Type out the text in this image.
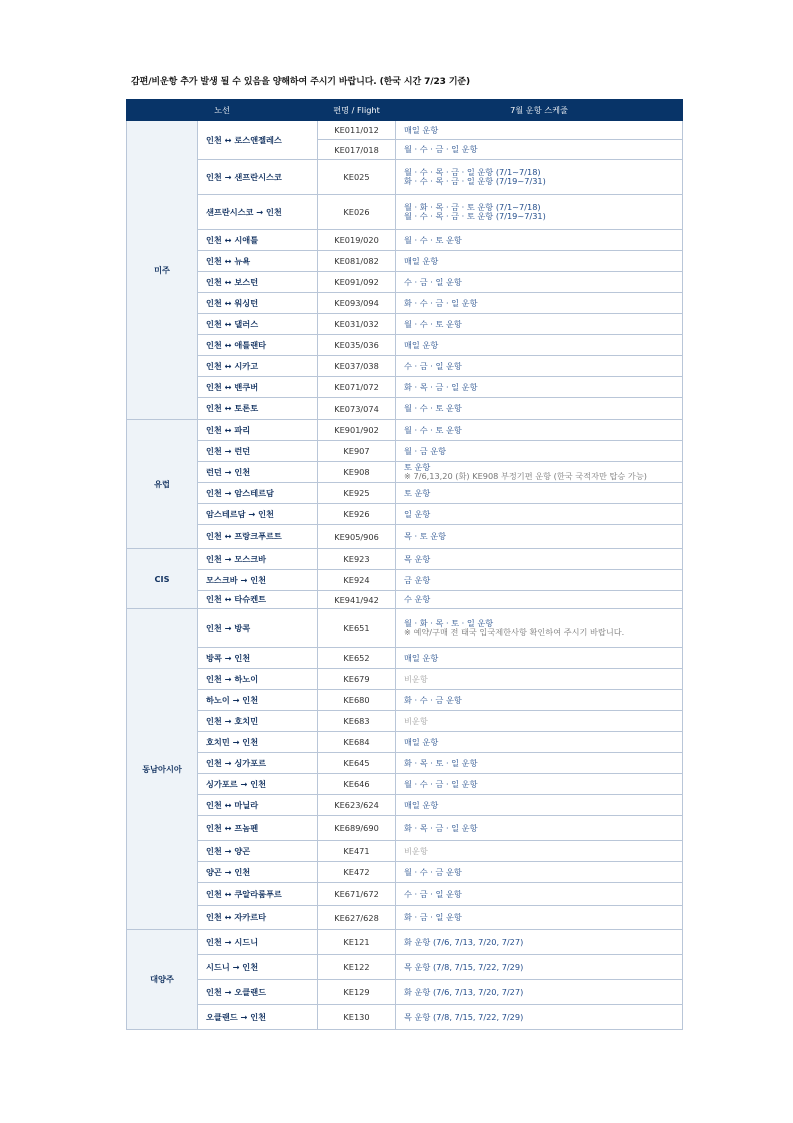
감편/비운항 추가 발생 될 수 있음을 양해하여 주시기 바랍니다. (한국 시간 7/23 기준)
노선		편명 / Flight	7월 운항 스케줄
미주	인천 ↔ 로스앤젤레스	KE011/012	매일 운항

		KE017/018	월 · 수 · 금 · 일 운항

	인천 → 샌프란시스코	KE025	월 · 수 · 목 · 금 · 일 운항 (7/1~7/18)
화 · 수 · 목 · 금 · 일 운항 (7/19~7/31)

	샌프란시스코 → 인천	KE026	월 · 화 · 목 · 금 · 토 운항 (7/1~7/18)
월 · 수 · 목 · 금 · 토 운항 (7/19~7/31)

	인천 ↔ 시애틀	KE019/020	월 · 수 · 토 운항

	인천 ↔ 뉴욕	KE081/082	매일 운항

	인천 ↔ 보스턴	KE091/092	수 · 금 · 일 운항

	인천 ↔ 워싱턴	KE093/094	화 · 수 · 금 · 일 운항

	인천 ↔ 댈러스	KE031/032	월 · 수 · 토 운항

	인천 ↔ 애틀랜타	KE035/036	매일 운항

	인천 ↔ 시카고	KE037/038	수 · 금 · 일 운항

	인천 ↔ 밴쿠버	KE071/072	화 · 목 · 금 · 일 운항

	인천 ↔ 토론토	KE073/074	월 · 수 · 토 운항

유럽	인천 ↔ 파리	KE901/902	월 · 수 · 토 운항

	인천 → 런던	KE907	월 · 금 운항

	런던 → 인천	KE908	토 운항
※ 7/6,13,20 (화) KE908 부정기편 운항 (한국 국적자만 탑승 가능)

	인천 → 암스테르담	KE925	토 운항

	암스테르담 → 인천	KE926	일 운항

	인천 ↔ 프랑크푸르트	KE905/906	목 · 토 운항

CIS	인천 → 모스크바	KE923	목 운항

	모스크바 → 인천	KE924	금 운항

	인천 ↔ 타슈켄트	KE941/942	수 운항

동남아시아	인천 → 방콕	KE651	월 · 화 · 목 · 토 · 일 운항
※ 예약/구매 전 태국 입국제한사항 확인하여 주시기 바랍니다.

	방콕 → 인천	KE652	매일 운항

	인천 → 하노이	KE679	비운항

	하노이 → 인천	KE680	화 · 수 · 금 운항

	인천 → 호치민	KE683	비운항

	호치민 → 인천	KE684	매일 운항

	인천 → 싱가포르	KE645	화 · 목 · 토 · 일 운항

	싱가포르 → 인천	KE646	월 · 수 · 금 · 일 운항

	인천 ↔ 마닐라	KE623/624	매일 운항

	인천 ↔ 프놈펜	KE689/690	화 · 목 · 금 · 일 운항

	인천 → 양곤	KE471	비운항

	양곤 → 인천	KE472	월 · 수 · 금 운항

	인천 ↔ 쿠알라룸푸르	KE671/672	수 · 금 · 일 운항

	인천 ↔ 자카르타	KE627/628	화 · 금 · 일 운항

대양주	인천 → 시드니	KE121	화 운항 (7/6, 7/13, 7/20, 7/27)

	시드니 → 인천	KE122	목 운항 (7/8, 7/15, 7/22, 7/29)

	인천 → 오클랜드	KE129	화 운항 (7/6, 7/13, 7/20, 7/27)

	오클랜드 → 인천	KE130	목 운항 (7/8, 7/15, 7/22, 7/29)
